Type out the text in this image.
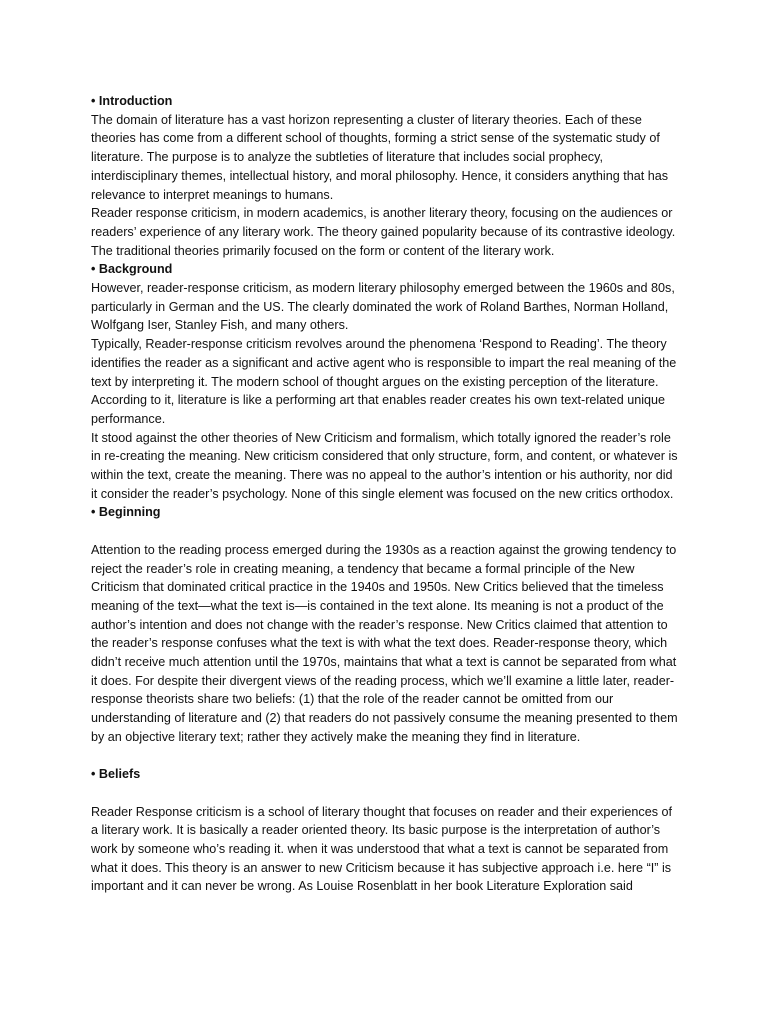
• Introduction

The domain of literature has a vast horizon representing a cluster of literary theories. Each of these theories has come from a different school of thoughts, forming a strict sense of the systematic study of literature. The purpose is to analyze the subtleties of literature that includes social prophecy, interdisciplinary themes, intellectual history, and moral philosophy. Hence, it considers anything that has relevance to interpret meanings to humans.

Reader response criticism, in modern academics, is another literary theory, focusing on the audiences or readers’ experience of any literary work. The theory gained popularity because of its contrastive ideology. The traditional theories primarily focused on the form or content of the literary work.

• Background

However, reader-response criticism, as modern literary philosophy emerged between the 1960s and 80s, particularly in German and the US. The clearly dominated the work of Roland Barthes, Norman Holland, Wolfgang Iser, Stanley Fish, and many others.

Typically, Reader-response criticism revolves around the phenomena ‘Respond to Reading’. The theory identifies the reader as a significant and active agent who is responsible to impart the real meaning of the text by interpreting it. The modern school of thought argues on the existing perception of the literature. According to it, literature is like a performing art that enables reader creates his own text-related unique performance.

It stood against the other theories of New Criticism and formalism, which totally ignored the reader’s role in re-creating the meaning. New criticism considered that only structure, form, and content, or whatever is within the text, create the meaning. There was no appeal to the author’s intention or his authority, nor did it consider the reader’s psychology. None of this single element was focused on the new critics orthodox.

• Beginning

Attention to the reading process emerged during the 1930s as a reaction against the growing tendency to reject the reader’s role in creating meaning, a tendency that became a formal principle of the New Criticism that dominated critical practice in the 1940s and 1950s. New Critics believed that the timeless meaning of the text—what the text is—is contained in the text alone. Its meaning is not a product of the author’s intention and does not change with the reader’s response. New Critics claimed that attention to the reader’s response confuses what the text is with what the text does. Reader-response theory, which didn’t receive much attention until the 1970s, maintains that what a text is cannot be separated from what it does. For despite their divergent views of the reading process, which we’ll examine a little later, reader-response theorists share two beliefs: (1) that the role of the reader cannot be omitted from our understanding of literature and (2) that readers do not passively consume the meaning presented to them by an objective literary text; rather they actively make the meaning they find in literature.

• Beliefs

Reader Response criticism is a school of literary thought that focuses on reader and their experiences of a literary work. It is basically a reader oriented theory. Its basic purpose is the interpretation of author’s work by someone who’s reading it. when it was understood that what a text is cannot be separated from what it does. This theory is an answer to new Criticism because it has subjective approach i.e. here “I” is important and it can never be wrong. As Louise Rosenblatt in her book Literature Exploration said
